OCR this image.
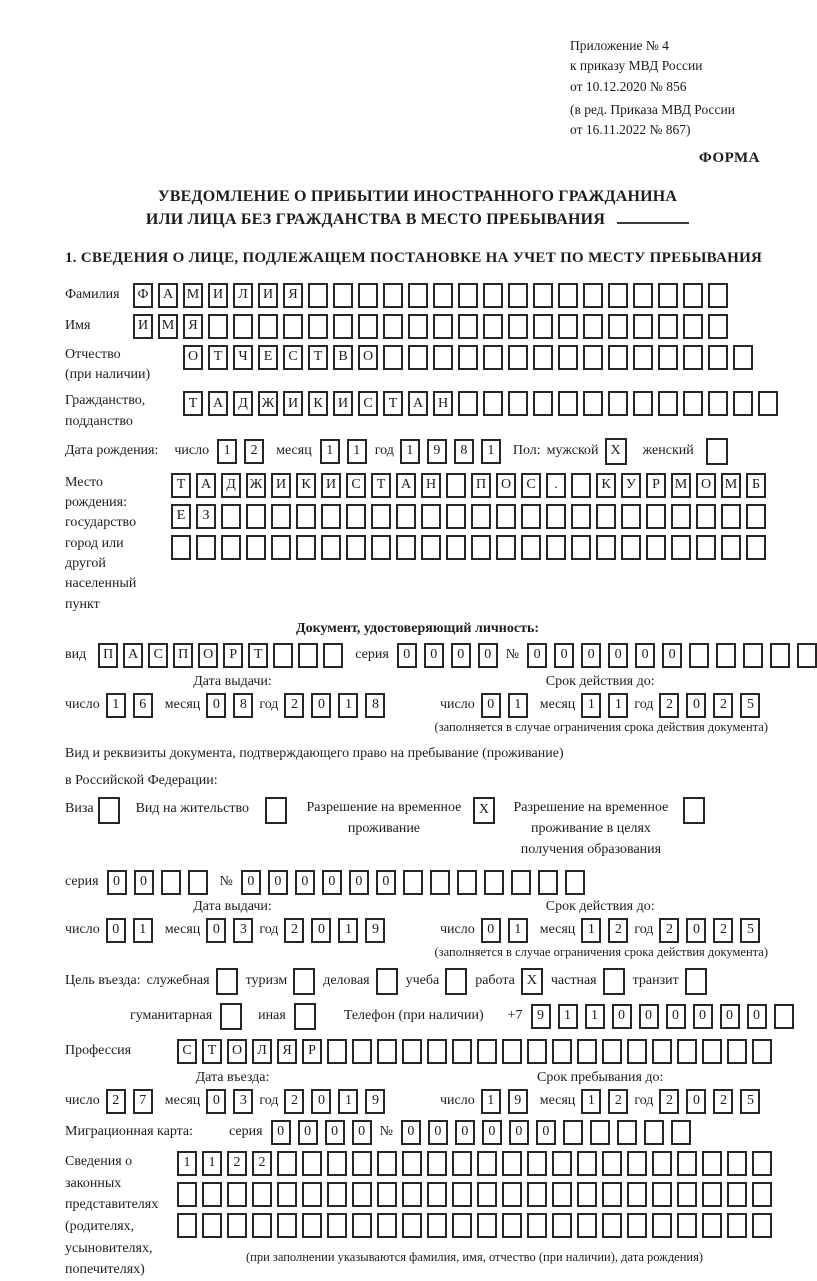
Приложение № 4
к приказу МВД России
от 10.12.2020 № 856
(в ред. Приказа МВД России
от 16.11.2022 № 867)
ФОРМА
УВЕДОМЛЕНИЕ О ПРИБЫТИИ ИНОСТРАННОГО ГРАЖДАНИНА
ИЛИ ЛИЦА БЕЗ ГРАЖДАНСТВА В МЕСТО ПРЕБЫВАНИЯ
1. СВЕДЕНИЯ О ЛИЦЕ, ПОДЛЕЖАЩЕМ ПОСТАНОВКЕ НА УЧЕТ ПО МЕСТУ ПРЕБЫВАНИЯ
Фамилия	Ф	А М И	Л	И	Я
Имя	И М	Я
Отчество
(при наличии)
О	Т	Ч	Е	С	Т	В	О
Гражданство,
подданство
Т	А	Д Ж И	К	И	С	Т	А	Н
Дата рождения: число	1	2	месяц	1	1	год 1	9	8	1	Пол: мужской X	женский
Место рождения:
государство
город или другой
населенный пункт
Т	А	Д Ж И	К	И	С	Т	А	Н	П	О	С	.	К	У	Р	М О М	Б
Е	З
Документ, удостоверяющий личность:
вид	П	А	С	П	О	Р	Т	серия	0	0	0	0	№	0	0	0	0	0	0
Дата выдачи:
число 1	6	месяц 0	8 год 2	0	1	8
Срок действия до:
число 0	1	месяц 1	1 год 2	0	2	5
(заполняется в случае ограничения срока действия документа)
Вид и реквизиты документа, подтверждающего право на пребывание (проживание)
в Российской Федерации:
Виза	Вид на жительство	Разрешение на временное проживание
X	Разрешение на временное проживание в целях получения образования
серия	0	0	№	0	0	0	0	0	0
Дата выдачи:
число 0	1	месяц 0	3 год 2	0	1	9
Срок действия до:
число 0	1	месяц 1	2 год 2	0	2	5
(заполняется в случае ограничения срока действия документа)
Цель въезда: служебная	туризм	деловая	учеба	работа X частная	транзит
гуманитарная	иная	Телефон (при наличии) +7	9	1	1	0	0	0	0	0	0
Профессия	С	Т	О	Л	Я	Р
Дата въезда:
число 2	7	месяц 0	3 год 2	0	1	9
Срок пребывания до:
число 1	9	месяц 1	2 год 2	0	2	5
Миграционная карта:	серия	0	0	0	0	№	0	0	0	0	0	0
Сведения о
законных
представителях
(родителях,
усыновителях,
попечителях)
1	1	2	2
(при заполнении указываются фамилия, имя, отчество (при наличии), дата рождения)
